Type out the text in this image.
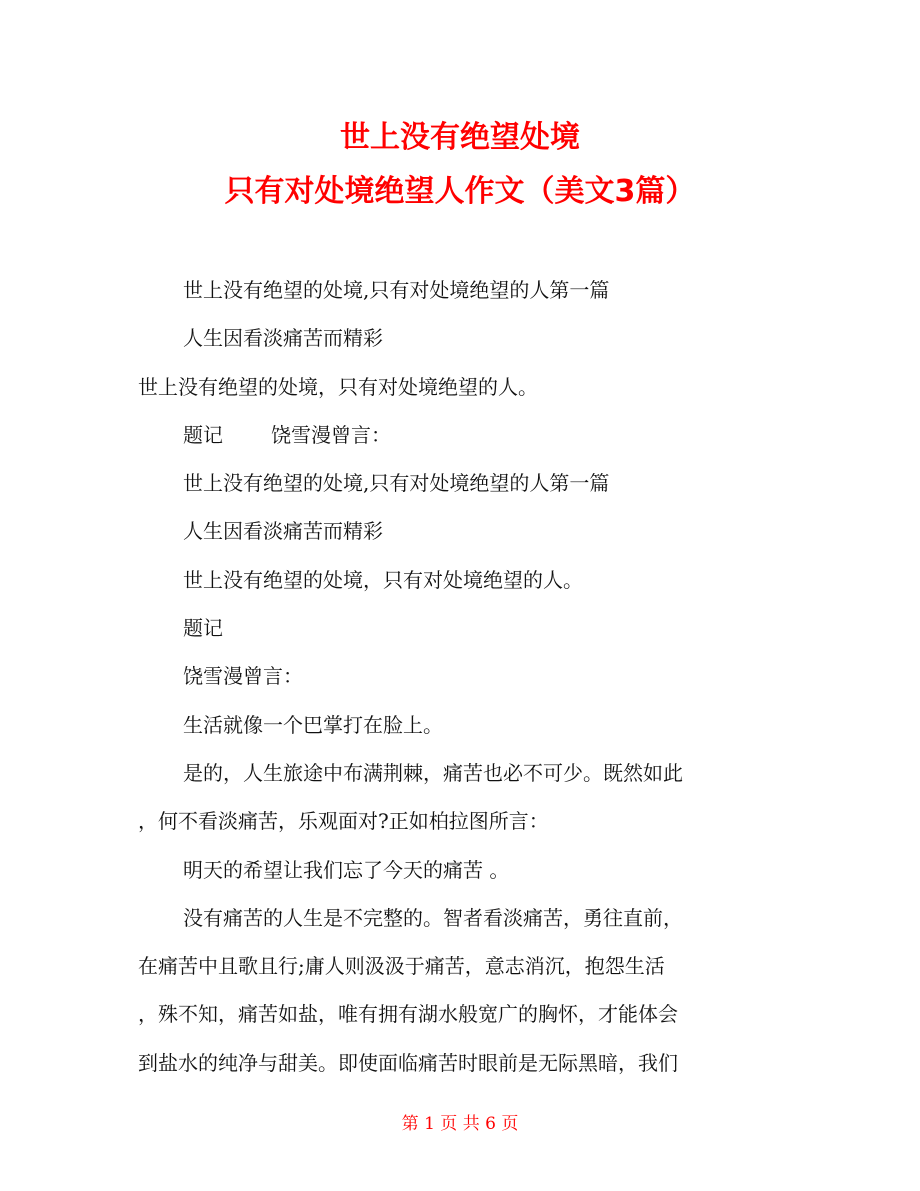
世上没有绝望处境
只有对处境绝望人作文（美文3篇）
世上没有绝望的处境,只有对处境绝望的人第一篇
人生因看淡痛苦而精彩
世上没有绝望的处境，只有对处境绝望的人。
题记 饶雪漫曾言：
世上没有绝望的处境,只有对处境绝望的人第一篇
人生因看淡痛苦而精彩
世上没有绝望的处境，只有对处境绝望的人。
题记
饶雪漫曾言：
生活就像一个巴掌打在脸上。
是的，人生旅途中布满荆棘，痛苦也必不可少。既然如此
，何不看淡痛苦，乐观面对?正如柏拉图所言：
明天的希望让我们忘了今天的痛苦 。
没有痛苦的人生是不完整的。智者看淡痛苦，勇往直前，
在痛苦中且歌且行;庸人则汲汲于痛苦，意志消沉，抱怨生活
，殊不知，痛苦如盐，唯有拥有湖水般宽广的胸怀，才能体会
到盐水的纯净与甜美。即使面临痛苦时眼前是无际黑暗，我们
第 1 页 共 6 页
